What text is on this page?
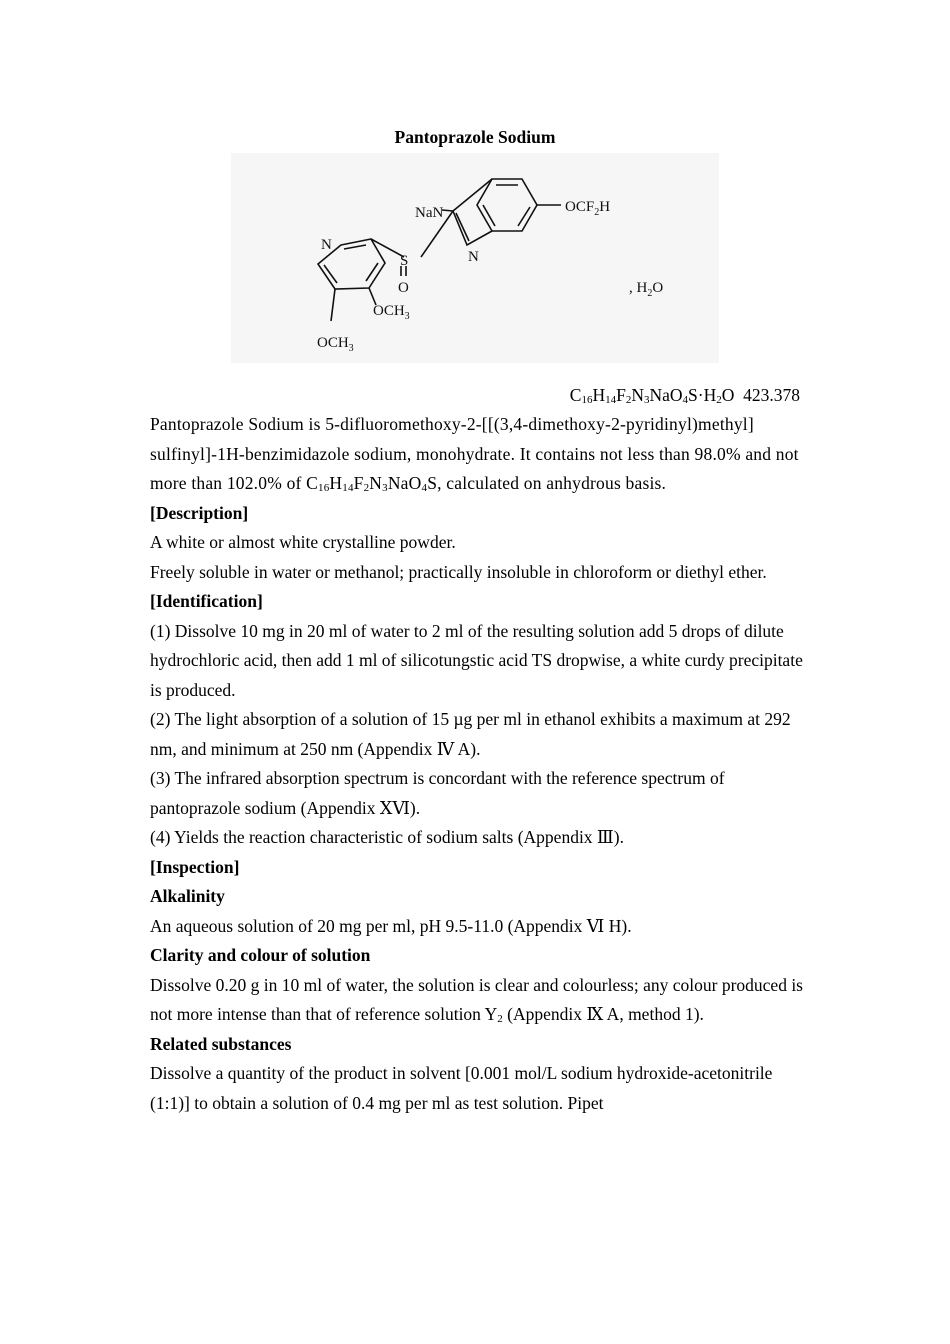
Pantoprazole Sodium
NaN	$OCF_2H$
N
N
S
O
$OCH_3$
$OCH_3$
, $H_2O$
$C_{16}H_{14}F_2N_3NaO_4S\cdot H_2O$ 423.378

Pantoprazole Sodium is 5-difluoromethoxy-2-[[(3,4-dimethoxy-2-pyridinyl)methyl] sulfinyl]-1H-benzimidazole sodium, monohydrate. It contains not less than 98.0% and not more than 102.0% of $C_{16}H_{14}F_2N_3NaO_4S$, calculated on anhydrous basis.

[Description]

A white or almost white crystalline powder.

Freely soluble in water or methanol; practically insoluble in chloroform or diethyl ether.

[Identification]

(1) Dissolve 10 mg in 20 ml of water to 2 ml of the resulting solution add 5 drops of dilute hydrochloric acid, then add 1 ml of silicotungstic acid TS dropwise, a white curdy precipitate is produced.

(2) The light absorption of a solution of 15 µg per ml in ethanol exhibits a maximum at 292 nm, and minimum at 250 nm (Appendix Ⅳ A).

(3) The infrared absorption spectrum is concordant with the reference spectrum of pantoprazole sodium (Appendix ⅩⅥ).

(4) Yields the reaction characteristic of sodium salts (Appendix Ⅲ).

[Inspection]

Alkalinity

An aqueous solution of 20 mg per ml, pH 9.5-11.0 (Appendix Ⅵ H).

Clarity and colour of solution

Dissolve 0.20 g in 10 ml of water, the solution is clear and colourless; any colour produced is not more intense than that of reference solution $Y_2$ (Appendix Ⅸ A, method 1).

Related substances

Dissolve a quantity of the product in solvent [0.001 mol/L sodium hydroxide-acetonitrile (1:1)] to obtain a solution of 0.4 mg per ml as test solution. Pipet
